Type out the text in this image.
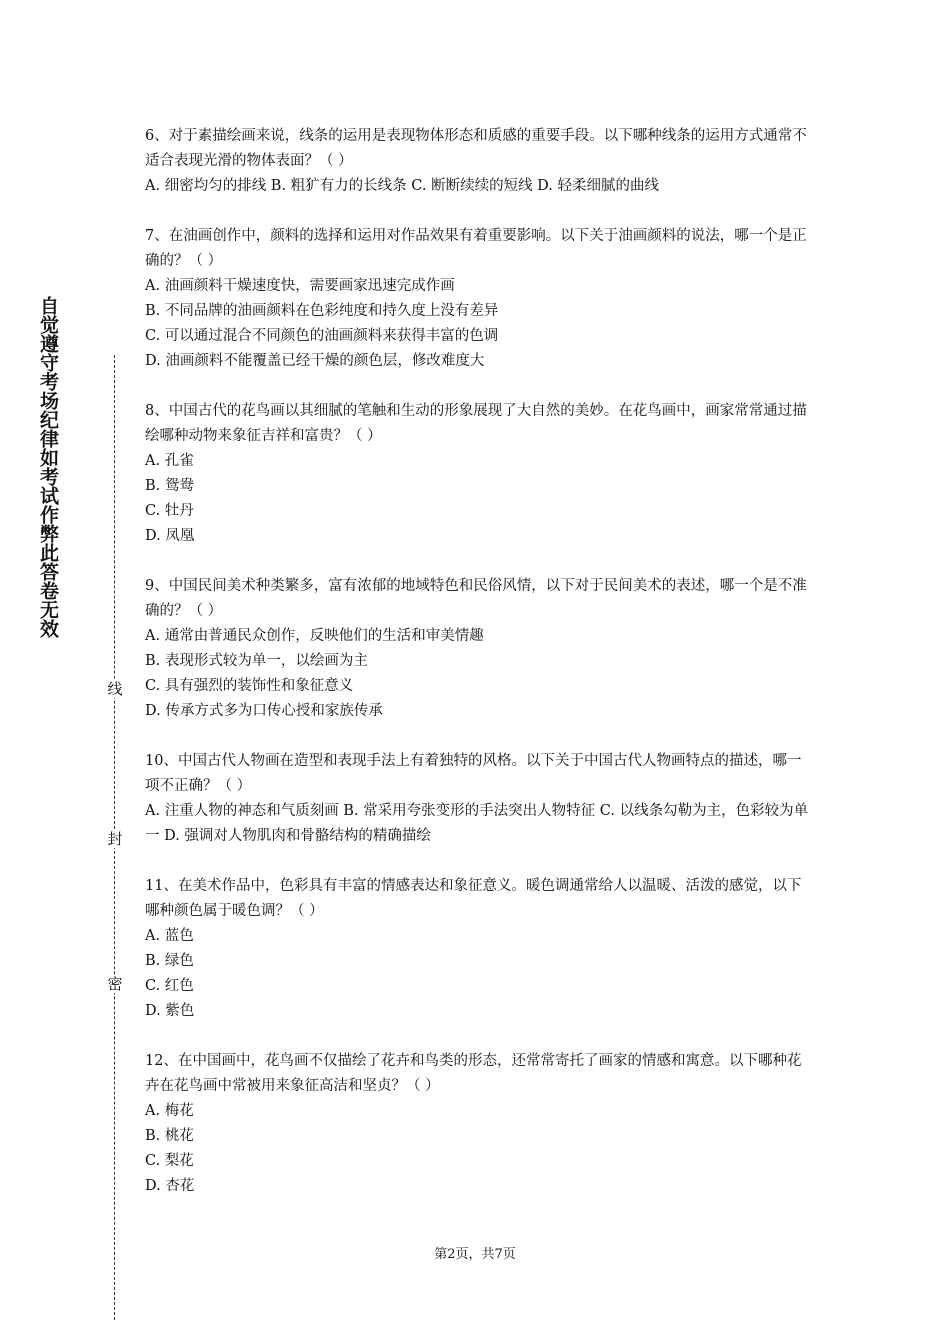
自觉遵守考场纪律如考试作弊此答卷无效
线
封
密

6、对于素描绘画来说，线条的运用是表现物体形态和质感的重要手段。以下哪种线条的运用方式通常不适合表现光滑的物体表面？（ ）

A. 细密均匀的排线 B. 粗犷有力的长线条 C. 断断续续的短线 D. 轻柔细腻的曲线

7、在油画创作中，颜料的选择和运用对作品效果有着重要影响。以下关于油画颜料的说法，哪一个是正确的？（ ）

A. 油画颜料干燥速度快，需要画家迅速完成作画
B. 不同品牌的油画颜料在色彩纯度和持久度上没有差异
C. 可以通过混合不同颜色的油画颜料来获得丰富的色调
D. 油画颜料不能覆盖已经干燥的颜色层，修改难度大

8、中国古代的花鸟画以其细腻的笔触和生动的形象展现了大自然的美妙。在花鸟画中，画家常常通过描绘哪种动物来象征吉祥和富贵？（ ）

A. 孔雀
B. 鸳鸯
C. 牡丹
D. 凤凰

9、中国民间美术种类繁多，富有浓郁的地域特色和民俗风情，以下对于民间美术的表述，哪一个是不准确的？（ ）

A. 通常由普通民众创作，反映他们的生活和审美情趣
B. 表现形式较为单一，以绘画为主
C. 具有强烈的装饰性和象征意义
D. 传承方式多为口传心授和家族传承

10、中国古代人物画在造型和表现手法上有着独特的风格。以下关于中国古代人物画特点的描述，哪一项不正确？（ ）

A. 注重人物的神态和气质刻画 B. 常采用夸张变形的手法突出人物特征 C. 以线条勾勒为主，色彩较为单一 D. 强调对人物肌肉和骨骼结构的精确描绘

11、在美术作品中，色彩具有丰富的情感表达和象征意义。暖色调通常给人以温暖、活泼的感觉，以下哪种颜色属于暖色调？（ ）

A. 蓝色
B. 绿色
C. 红色
D. 紫色

12、在中国画中，花鸟画不仅描绘了花卉和鸟类的形态，还常常寄托了画家的情感和寓意。以下哪种花卉在花鸟画中常被用来象征高洁和坚贞？（ ）

A. 梅花
B. 桃花
C. 梨花
D. 杏花
第2页，共7页
